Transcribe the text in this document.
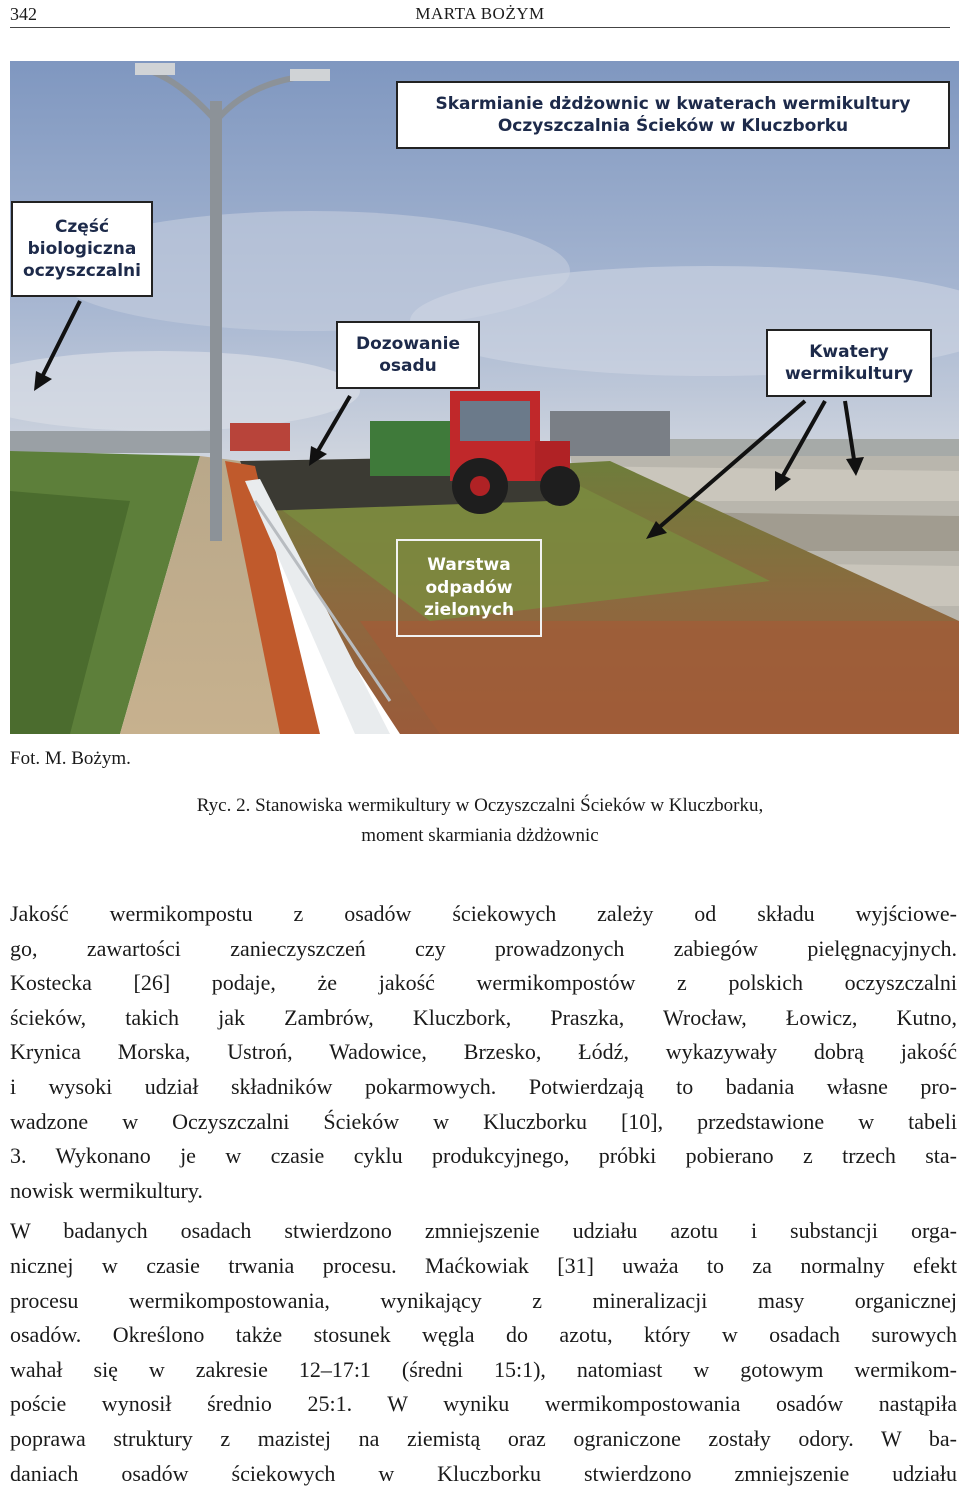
342	MARTA BOŻYM
Skarmianie dżdżownic w kwaterach wermikultury
Oczyszczalnia Ścieków w Kluczborku
Część
biologiczna
oczyszczalni
Dozowanie
osadu
Kwatery
wermikultury
Warstwa
odpadów
zielonych
Fot. M. Bożym.
Ryc. 2. Stanowiska wermikultury w Oczyszczalni Ścieków w Kluczborku,
moment skarmiania dżdżownic

Jakość wermikompostu z osadów ściekowych zależy od składu wyjściowe-

go, zawartości zanieczyszczeń czy prowadzonych zabiegów pielęgnacyjnych.

Kostecka [26] podaje, że jakość wermikompostów z polskich oczyszczalni

ścieków, takich jak Zambrów, Kluczbork, Praszka, Wrocław, Łowicz, Kutno,

Krynica Morska, Ustroń, Wadowice, Brzesko, Łódź, wykazywały dobrą jakość

i wysoki udział składników pokarmowych. Potwierdzają to badania własne pro-

wadzone w Oczyszczalni Ścieków w Kluczborku [10], przedstawione w tabeli

3. Wykonano je w czasie cyklu produkcyjnego, próbki pobierano z trzech sta-

nowisk wermikultury.

W badanych osadach stwierdzono zmniejszenie udziału azotu i substancji orga-

nicznej w czasie trwania procesu. Maćkowiak [31] uważa to za normalny efekt

procesu wermikompostowania, wynikający z mineralizacji masy organicznej

osadów. Określono także stosunek węgla do azotu, który w osadach surowych

wahał się w zakresie 12–17:1 (średni 15:1), natomiast w gotowym wermikom-

poście wynosił średnio 25:1. W wyniku wermikompostowania osadów nastąpiła

poprawa struktury z mazistej na ziemistą oraz ograniczone zostały odory. W ba-

daniach osadów ściekowych w Kluczborku stwierdzono zmniejszenie udziału
